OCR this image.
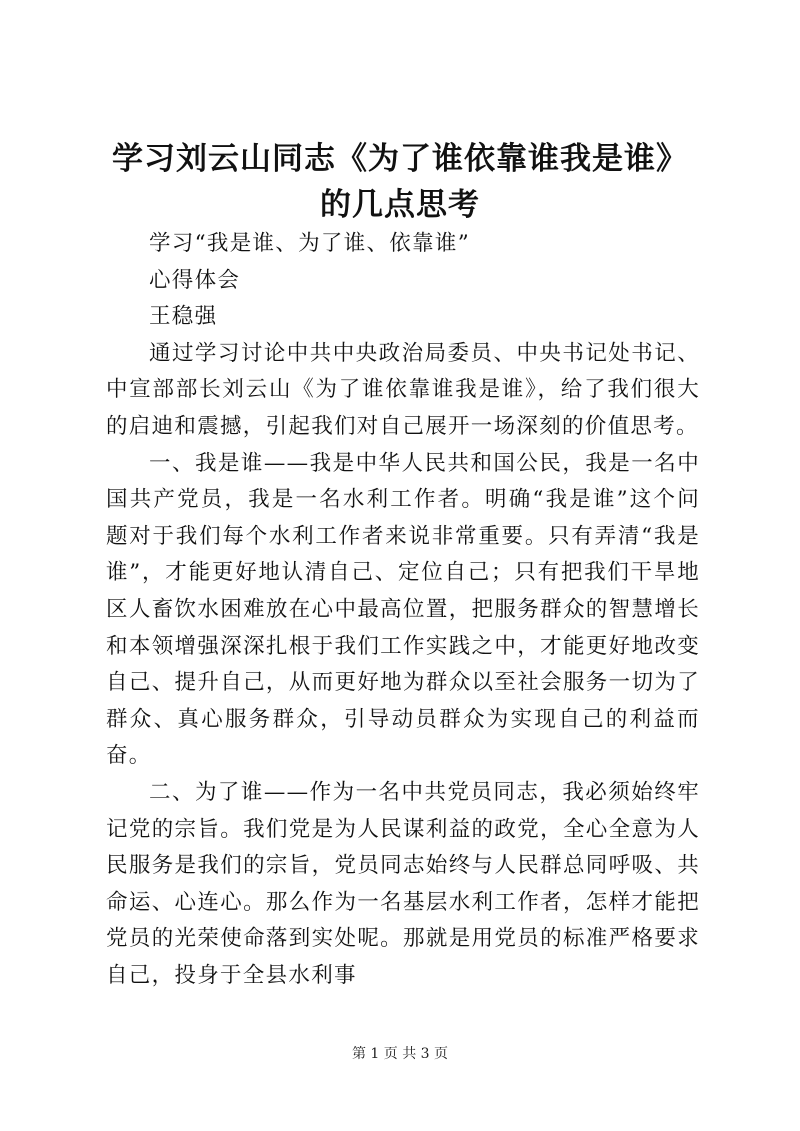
学习刘云山同志《为了谁依靠谁我是谁》的几点思考

学习“我是谁、为了谁、依靠谁”

心得体会

王稳强

通过学习讨论中共中央政治局委员、中央书记处书记、中宣部部长刘云山《为了谁依靠谁我是谁》，给了我们很大的启迪和震撼，引起我们对自己展开一场深刻的价值思考。

一、我是谁——我是中华人民共和国公民，我是一名中国共产党员，我是一名水利工作者。明确“我是谁”这个问题对于我们每个水利工作者来说非常重要。只有弄清“我是谁”，才能更好地认清自己、定位自己；只有把我们干旱地区人畜饮水困难放在心中最高位置，把服务群众的智慧增长和本领增强深深扎根于我们工作实践之中，才能更好地改变自己、提升自己，从而更好地为群众以至社会服务一切为了群众、真心服务群众，引导动员群众为实现自己的利益而奋。

二、为了谁——作为一名中共党员同志，我必须始终牢记党的宗旨。我们党是为人民谋利益的政党，全心全意为人民服务是我们的宗旨，党员同志始终与人民群总同呼吸、共命运、心连心。那么作为一名基层水利工作者，怎样才能把党员的光荣使命落到实处呢。那就是用党员的标准严格要求自己，投身于全县水利事

第 1 页 共 3 页
